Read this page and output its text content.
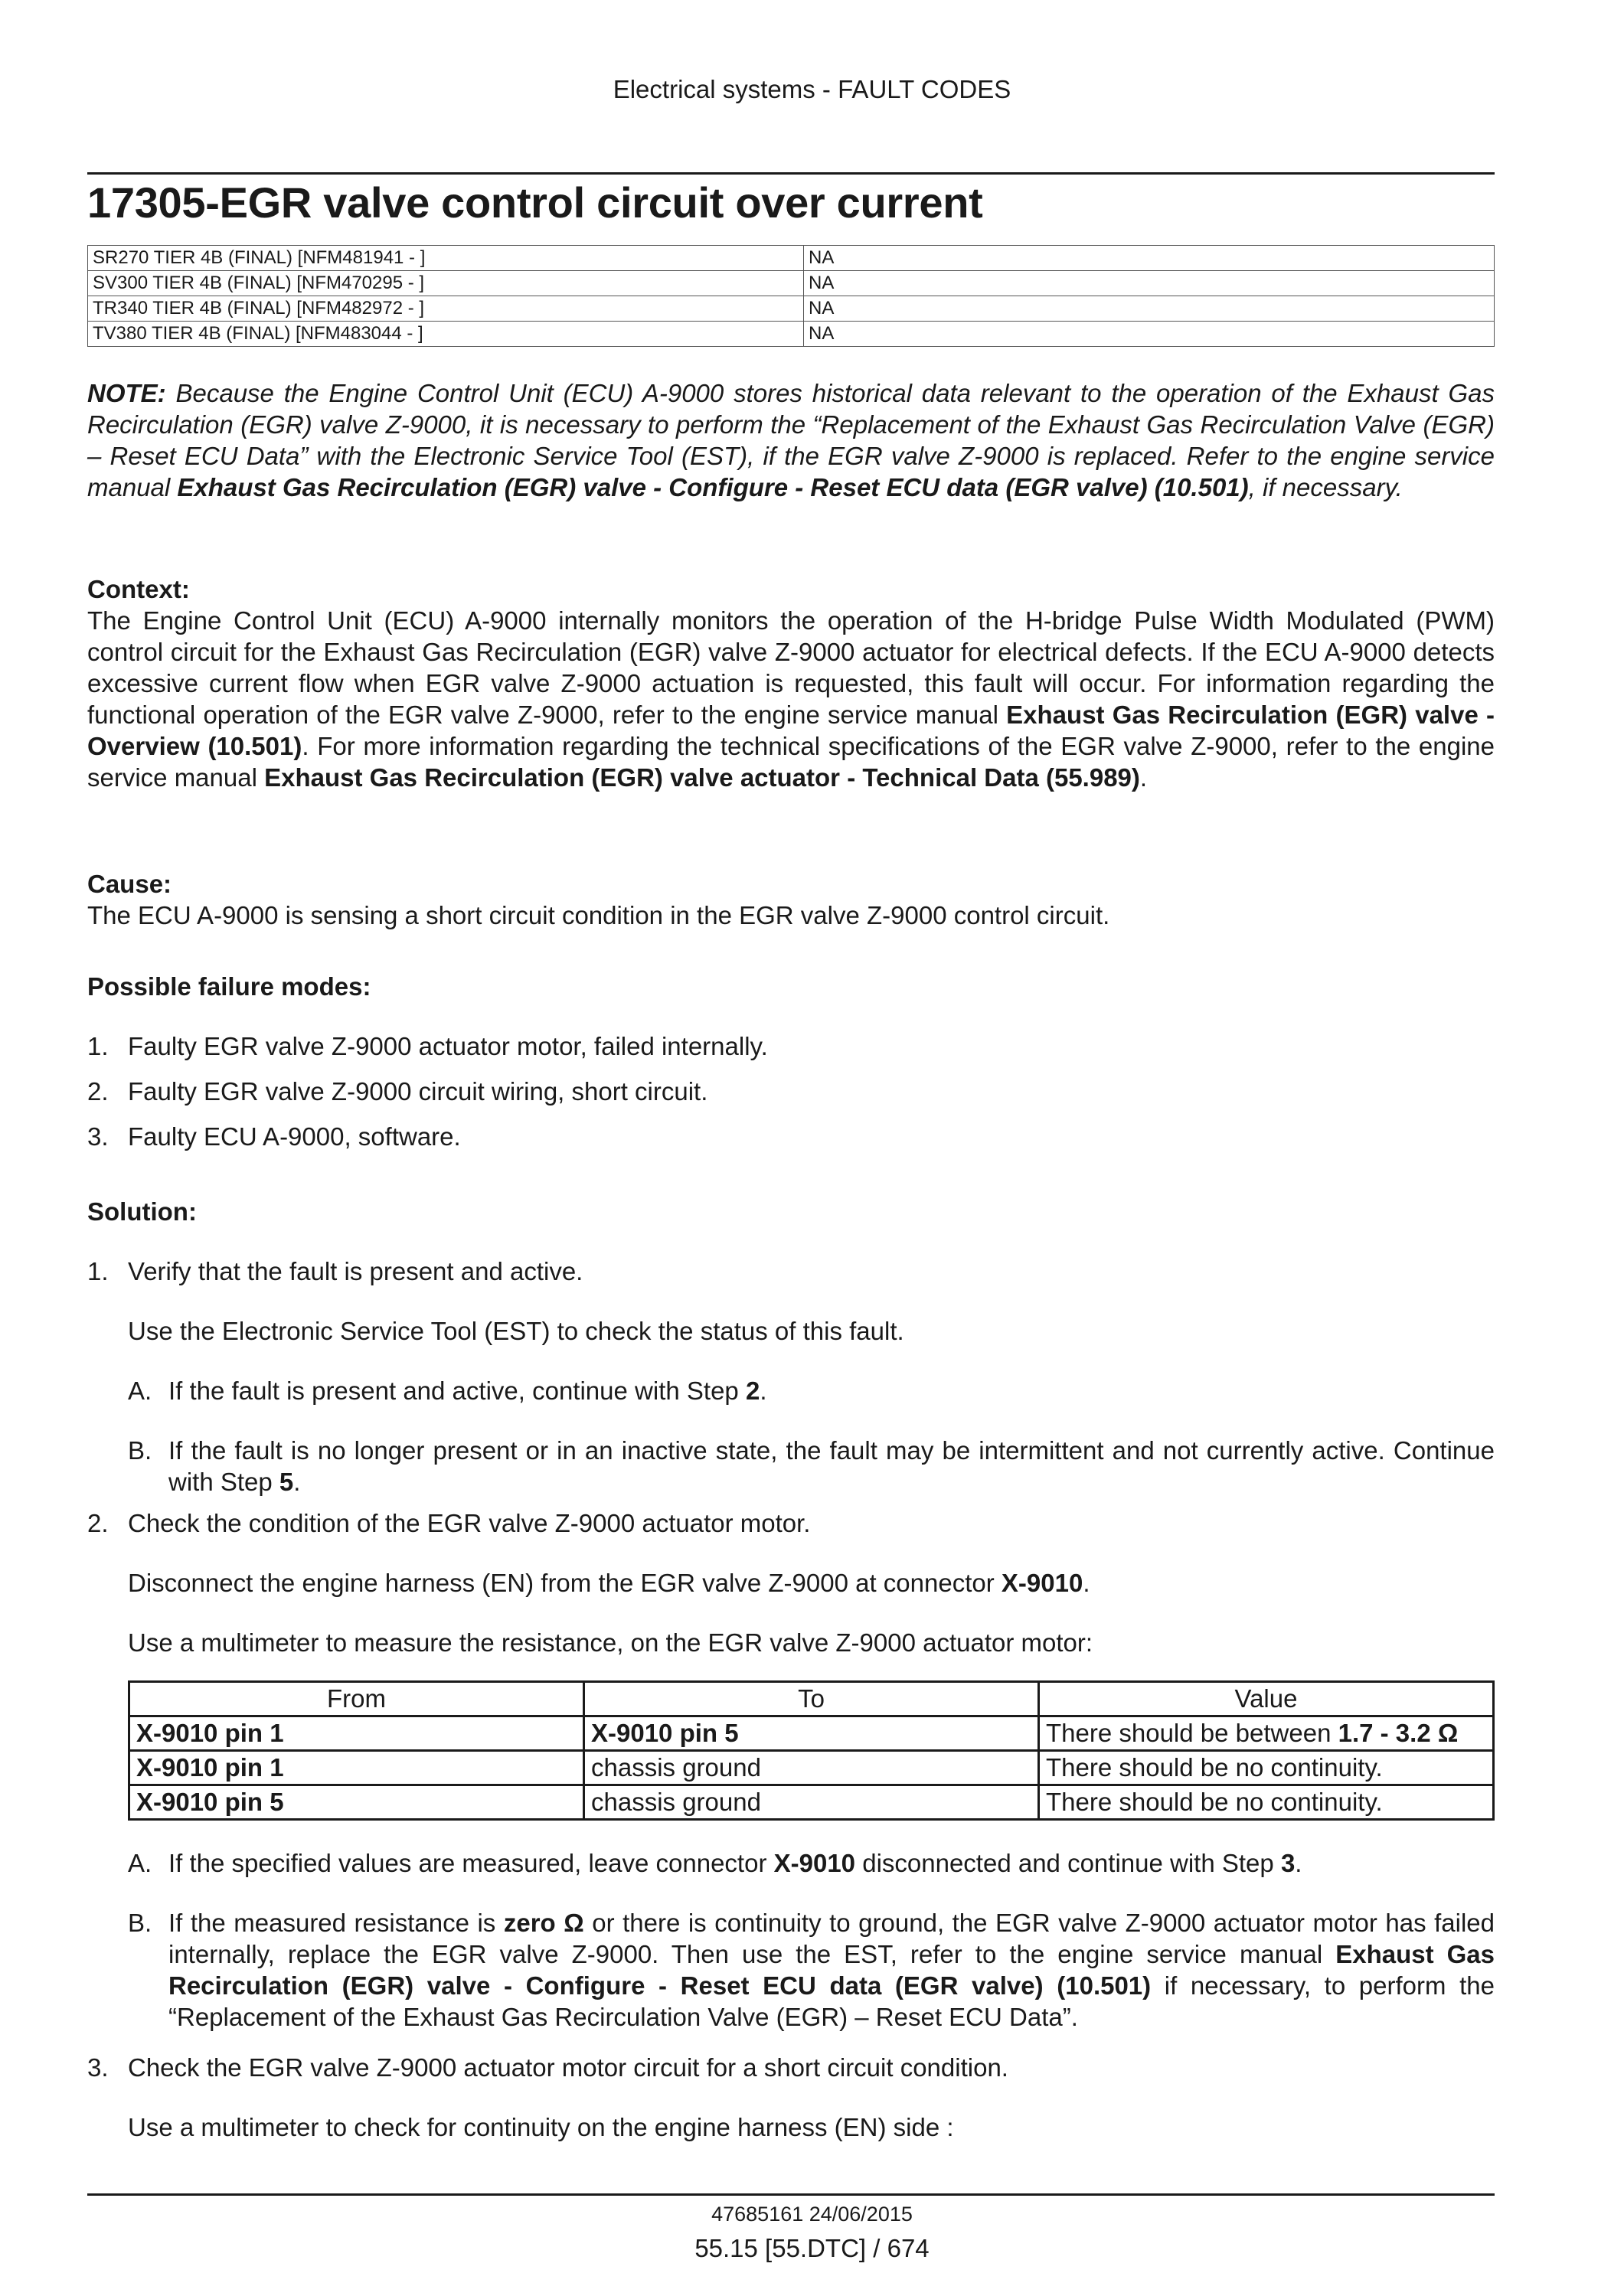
Electrical systems - FAULT CODES
17305-EGR valve control circuit over current
SR270 TIER 4B (FINAL) [NFM481941 - ]	NA
SV300 TIER 4B (FINAL) [NFM470295 - ]	NA
TR340 TIER 4B (FINAL) [NFM482972 - ]	NA
TV380 TIER 4B (FINAL) [NFM483044 - ]	NA
NOTE: Because the Engine Control Unit (ECU) A-9000 stores historical data relevant to the operation of the Exhaust Gas Recirculation (EGR) valve Z-9000, it is necessary to perform the “Replacement of the Exhaust Gas Recirculation Valve (EGR) – Reset ECU Data” with the Electronic Service Tool (EST), if the EGR valve Z-9000 is replaced. Refer to the engine service manual Exhaust Gas Recirculation (EGR) valve - Configure - Reset ECU data (EGR valve) (10.501), if necessary.
Context:
The Engine Control Unit (ECU) A-9000 internally monitors the operation of the H-bridge Pulse Width Modulated (PWM) control circuit for the Exhaust Gas Recirculation (EGR) valve Z-9000 actuator for electrical defects. If the ECU A-9000 detects excessive current flow when EGR valve Z-9000 actuation is requested, this fault will occur. For information regarding the functional operation of the EGR valve Z-9000, refer to the engine service manual Exhaust Gas Recirculation (EGR) valve - Overview (10.501). For more information regarding the technical specifications of the EGR valve Z-9000, refer to the engine service manual Exhaust Gas Recirculation (EGR) valve actuator - Technical Data (55.989).
Cause:
The ECU A-9000 is sensing a short circuit condition in the EGR valve Z-9000 control circuit.
Possible failure modes:
1. Faulty EGR valve Z-9000 actuator motor, failed internally.
2. Faulty EGR valve Z-9000 circuit wiring, short circuit.
3. Faulty ECU A-9000, software.
Solution:
1. Verify that the fault is present and active.
Use the Electronic Service Tool (EST) to check the status of this fault.
A. If the fault is present and active, continue with Step 2.
B. If the fault is no longer present or in an inactive state, the fault may be intermittent and not currently active. Continue with Step 5.
2. Check the condition of the EGR valve Z-9000 actuator motor.
Disconnect the engine harness (EN) from the EGR valve Z-9000 at connector X-9010.
Use a multimeter to measure the resistance, on the EGR valve Z-9000 actuator motor:
From	To	Value
X-9010 pin 1	X-9010 pin 5	There should be between 1.7 - 3.2 Ω
X-9010 pin 1	chassis ground	There should be no continuity.
X-9010 pin 5	chassis ground	There should be no continuity.
A. If the specified values are measured, leave connector X-9010 disconnected and continue with Step 3.
B. If the measured resistance is zero Ω or there is continuity to ground, the EGR valve Z-9000 actuator motor has failed internally, replace the EGR valve Z-9000. Then use the EST, refer to the engine service manual Exhaust Gas Recirculation (EGR) valve - Configure - Reset ECU data (EGR valve) (10.501) if necessary, to perform the “Replacement of the Exhaust Gas Recirculation Valve (EGR) – Reset ECU Data”.
3. Check the EGR valve Z-9000 actuator motor circuit for a short circuit condition.
Use a multimeter to check for continuity on the engine harness (EN) side :
47685161 24/06/2015
55.15 [55.DTC] / 674
